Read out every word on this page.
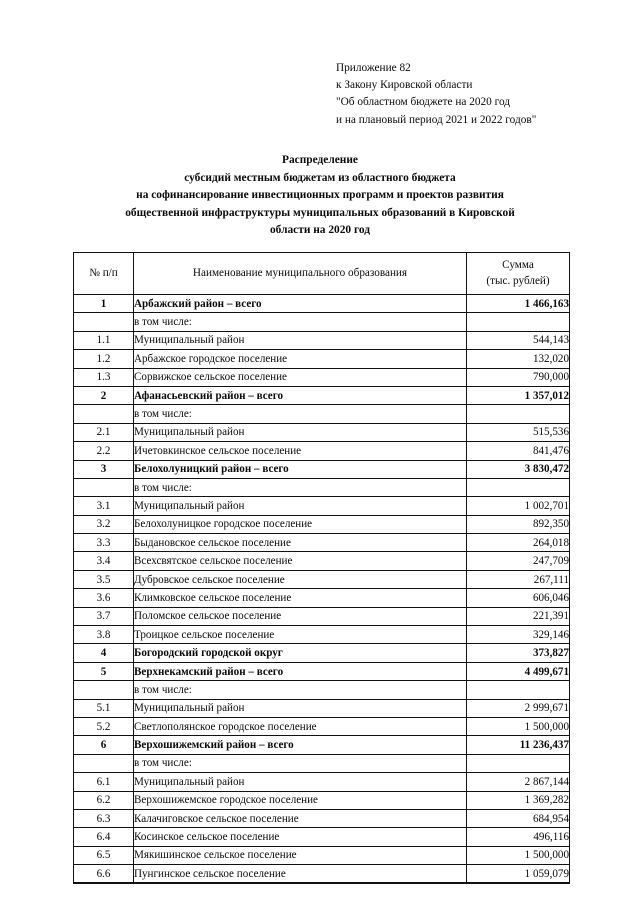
Приложение 82
к Закону Кировской области
"Об областном бюджете на 2020 год
и на плановый период 2021 и 2022 годов"
Распределение
субсидий местным бюджетам из областного бюджета
на софинансирование инвестиционных программ и проектов развития
общественной инфраструктуры муниципальных образований в Кировской
области на 2020 год
№ п/п	Наименование муниципального образования	Сумма
(тыс. рублей)

1	Арбажский район – всего	1 466,163
	в том числе:	
1.1	Муниципальный район	544,143
1.2	Арбажское городское поселение	132,020
1.3	Сорвижское сельское поселение	790,000
2	Афанасьевский район – всего	1 357,012
	в том числе:	
2.1	Муниципальный район	515,536
2.2	Ичетовкинское сельское поселение	841,476
3	Белохолуницкий район – всего	3 830,472
	в том числе:	
3.1	Муниципальный район	1 002,701
3.2	Белохолуницкое городское поселение	892,350
3.3	Быдановское сельское поселение	264,018
3.4	Всехсвятское сельское поселение	247,709
3.5	Дубровское сельское поселение	267,111
3.6	Климковское сельское поселение	606,046
3.7	Поломское сельское поселение	221,391
3.8	Троицкое сельское поселение	329,146
4	Богородский городской округ	373,827
5	Верхнекамский район – всего	4 499,671
	в том числе:	
5.1	Муниципальный район	2 999,671
5.2	Светлополянское городское поселение	1 500,000
6	Верхошижемский район – всего	11 236,437
	в том числе:	
6.1	Муниципальный район	2 867,144
6.2	Верхошижемское городское поселение	1 369,282
6.3	Калачиговское сельское поселение	684,954
6.4	Косинское сельское поселение	496,116
6.5	Мякишинское сельское поселение	1 500,000
6.6	Пунгинское сельское поселение	1 059,079
